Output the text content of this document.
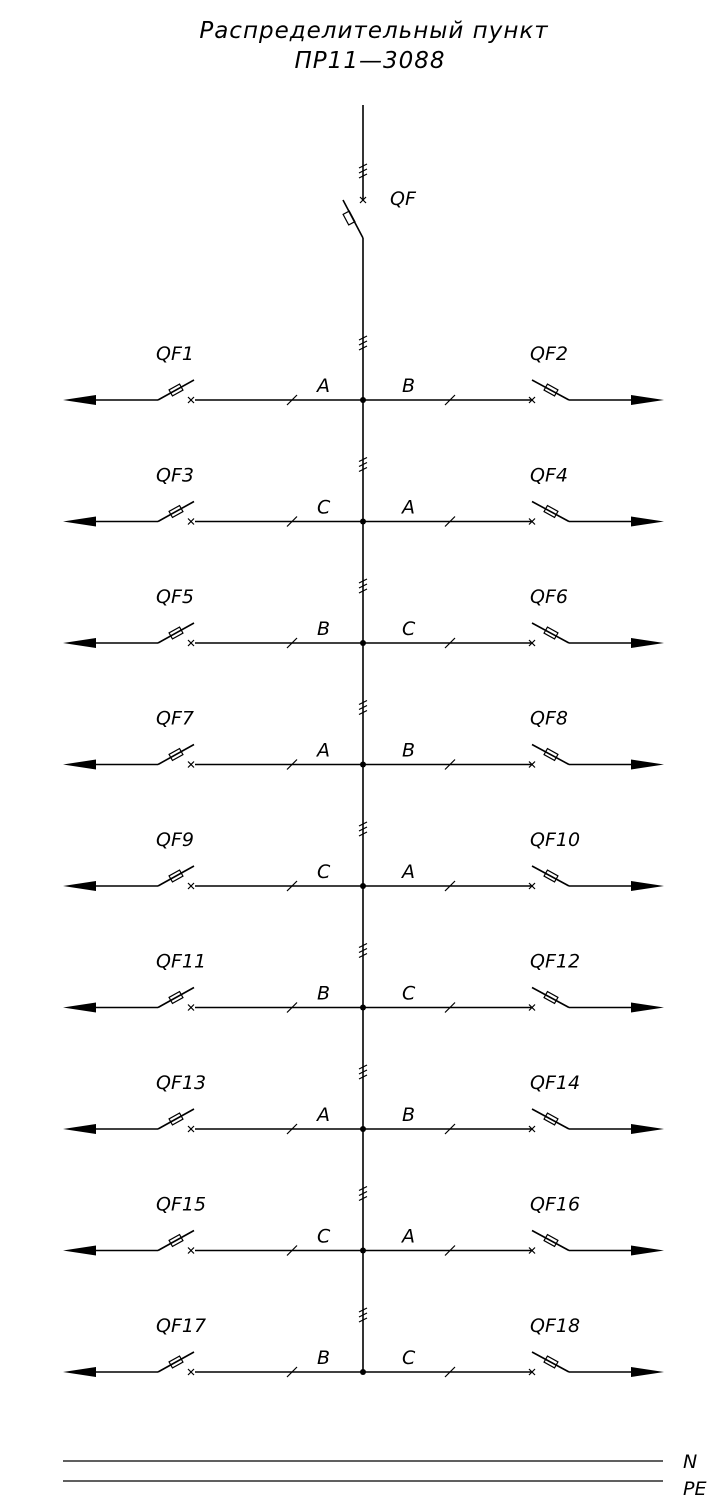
Распределительный пункт
ПР11—3088
QF
QF1	QF2
A	B
QF3	QF4
C	A
QF5	QF6
B	C
QF7	QF8
A	B
QF9	QF10
C	A
QF11	QF12
B	C
QF13	QF14
A	B
QF15	QF16
C	A
QF17	QF18
B	C
N
PE
